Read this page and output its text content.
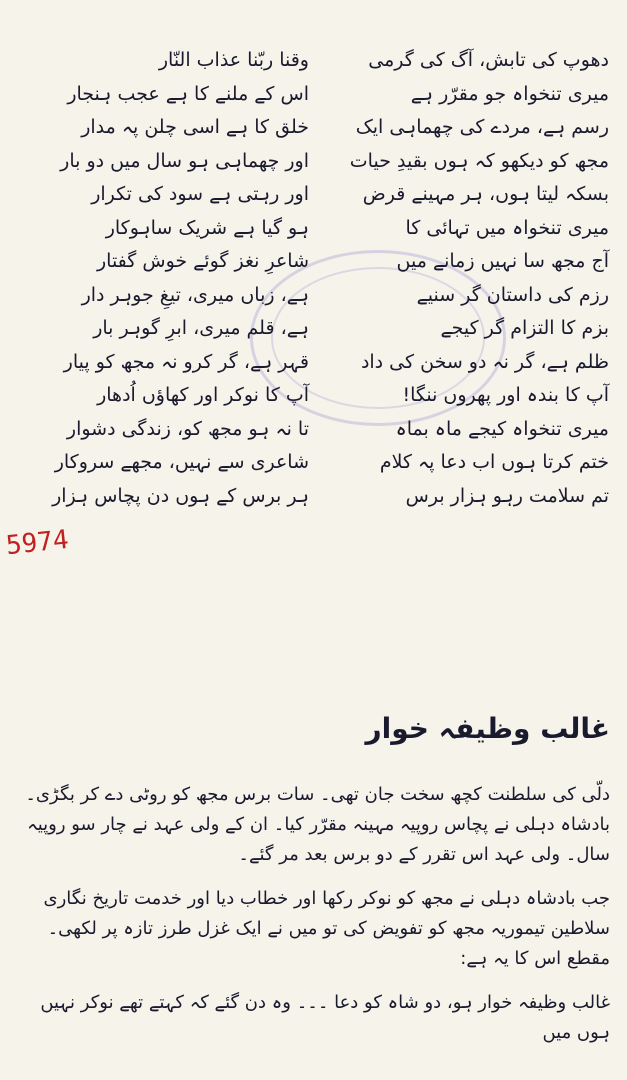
دھوپ کی تابش، آگ کی گرمی
وقنا ربّنا عذاب النّار
میری تنخواہ جو مقرّر ہے
اس کے ملنے کا ہے عجب ہنجار
رسم ہے، مردے کی چھماہی ایک
خلق کا ہے اسی چلن پہ مدار
مجھ کو دیکھو کہ ہوں بقیدِ حیات
اور چھماہی ہو سال میں دو بار
بسکہ لیتا ہوں، ہر مہینے قرض
اور رہتی ہے سود کی تکرار
میری تنخواہ میں تہائی کا
ہو گیا ہے شریک ساہوکار
آج مجھ سا نہیں زمانے میں
شاعرِ نغز گوئے خوش گفتار
رزم کی داستان گر سنیے
ہے، زباں میری، تیغِ جوہر دار
بزم کا التزام گر کیجے
ہے، قلم میری، ابرِ گوہر بار
ظلم ہے، گر نہ دو سخن کی داد
قہر ہے، گر کرو نہ مجھ کو پیار
آپ کا بندہ اور پھروں ننگا!
آپ کا نوکر اور کھاؤں اُدھار
میری تنخواہ کیجے ماہ بماہ
تا نہ ہو مجھ کو، زندگی دشوار
ختم کرتا ہوں اب دعا پہ کلام
شاعری سے نہیں، مجھے سروکار
تم سلامت رہو ہزار برس
ہر برس کے ہوں دن پچاس ہزار
5974
غالب وظیفہ خوار

دلّی کی سلطنت کچھ سخت جان تھی۔ سات برس مجھ کو روٹی دے کر بگڑی۔ بادشاہ دہلی نے پچاس روپیہ مہینہ مقرّر کیا۔ ان کے ولی عہد نے چار سو روپیہ سال۔ ولی عہد اس تقرر کے دو برس بعد مر گئے۔

جب بادشاہ دہلی نے مجھ کو نوکر رکھا اور خطاب دیا اور خدمت تاریخ نگاری سلاطین تیموریہ مجھ کو تفویض کی تو میں نے ایک غزل طرز تازہ پر لکھی۔ مقطع اس کا یہ ہے:

غالب وظیفہ خوار ہو، دو شاہ کو دعا ۔۔۔ وہ دن گئے کہ کہتے تھے نوکر نہیں ہوں میں
